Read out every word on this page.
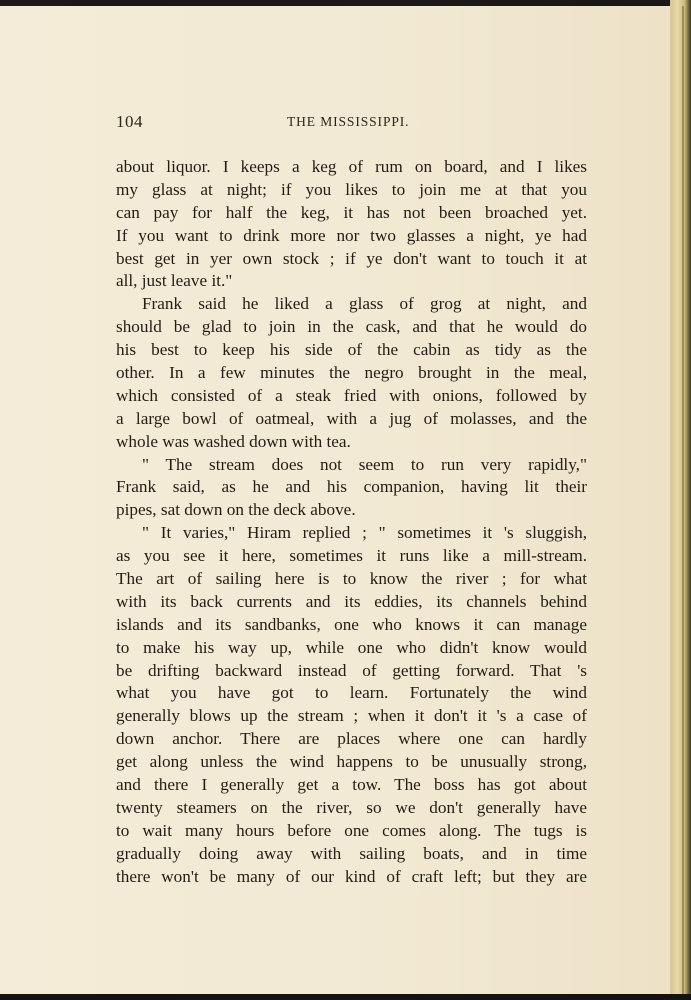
104	THE MISSISSIPPI.
about liquor. I keeps a keg of rum on board, and I likes
my glass at night; if you likes to join me at that you
can pay for half the keg, it has not been broached yet.
If you want to drink more nor two glasses a night, ye had
best get in yer own stock ; if ye don't want to touch it at
all, just leave it."
Frank said he liked a glass of grog at night, and
should be glad to join in the cask, and that he would do
his best to keep his side of the cabin as tidy as the
other. In a few minutes the negro brought in the meal,
which consisted of a steak fried with onions, followed by
a large bowl of oatmeal, with a jug of molasses, and the
whole was washed down with tea.
" The stream does not seem to run very rapidly,"
Frank said, as he and his companion, having lit their
pipes, sat down on the deck above.
" It varies," Hiram replied ; " sometimes it 's sluggish,
as you see it here, sometimes it runs like a mill-stream.
The art of sailing here is to know the river ; for what
with its back currents and its eddies, its channels behind
islands and its sandbanks, one who knows it can manage
to make his way up, while one who didn't know would
be drifting backward instead of getting forward. That 's
what you have got to learn. Fortunately the wind
generally blows up the stream ; when it don't it 's a case of
down anchor. There are places where one can hardly
get along unless the wind happens to be unusually strong,
and there I generally get a tow. The boss has got about
twenty steamers on the river, so we don't generally have
to wait many hours before one comes along. The tugs is
gradually doing away with sailing boats, and in time
there won't be many of our kind of craft left; but they are
